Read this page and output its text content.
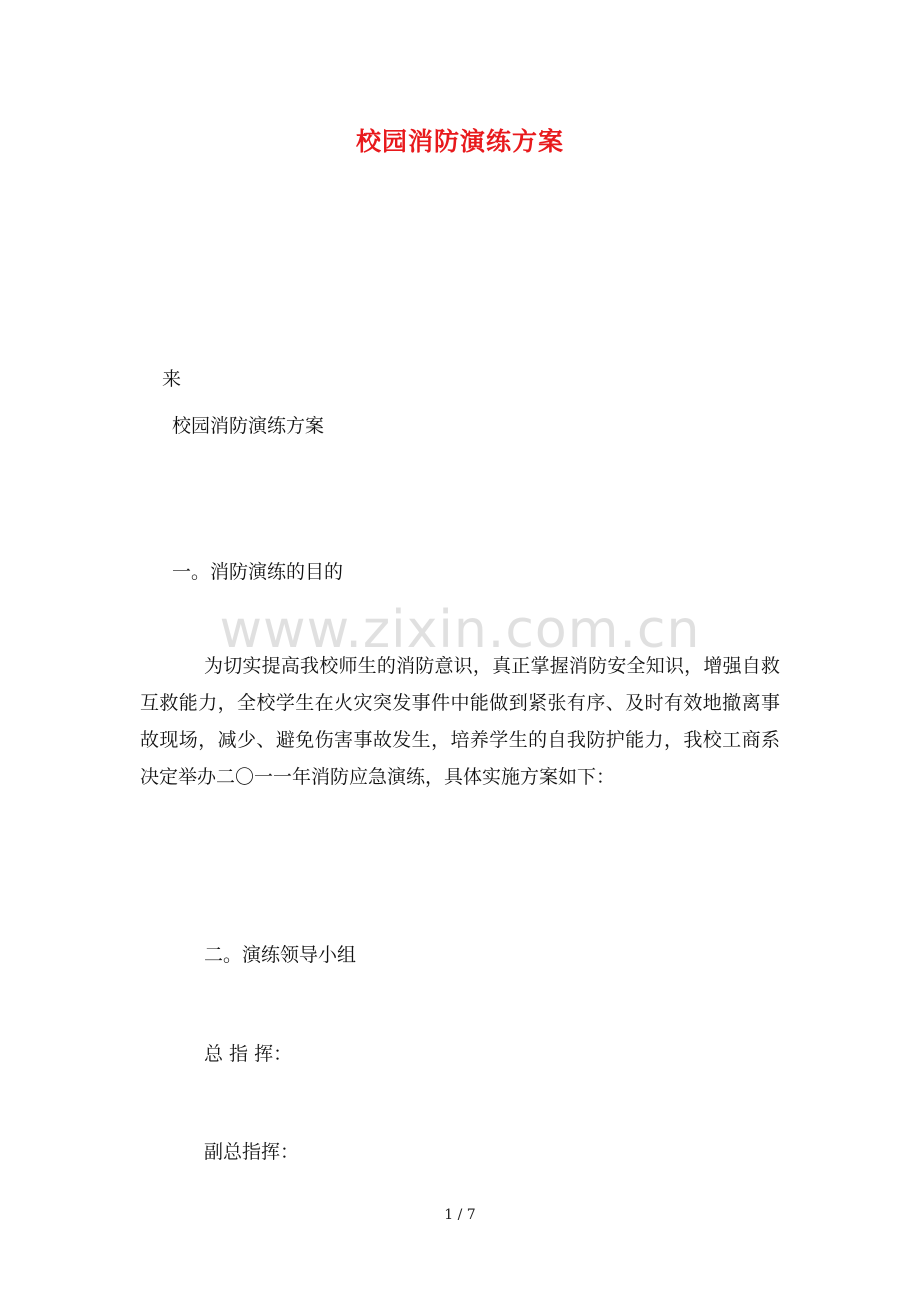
校园消防演练方案
来
校园消防演练方案
一。消防演练的目的
www.zixin.com.cn
为切实提高我校师生的消防意识，真正掌握消防安全知识，增强自救互救能力，全校学生在火灾突发事件中能做到紧张有序、及时有效地撤离事故现场，减少、避免伤害事故发生，培养学生的自我防护能力，我校工商系决定举办二〇一一年消防应急演练，具体实施方案如下：
二。演练领导小组
总 指 挥：
副总指挥：
1 / 7
